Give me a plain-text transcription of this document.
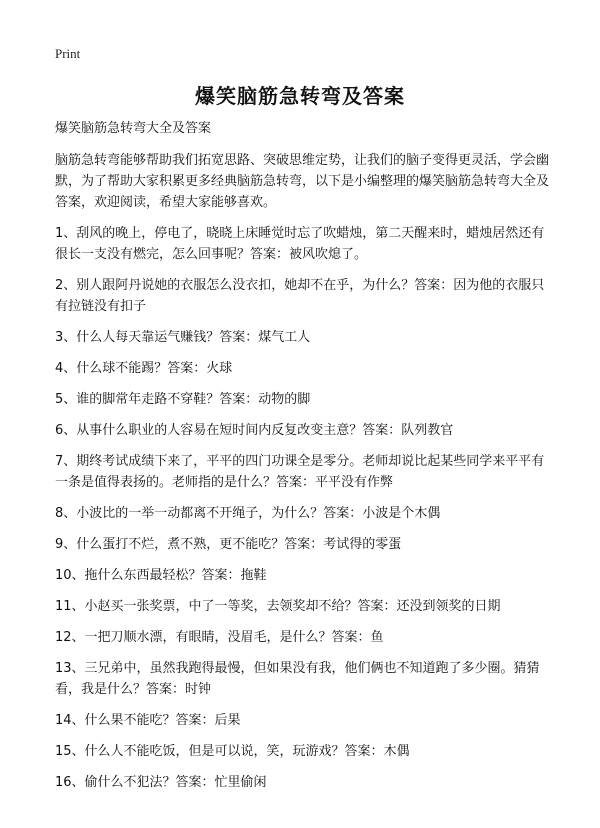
Print
爆笑脑筋急转弯及答案

爆笑脑筋急转弯大全及答案

脑筋急转弯能够帮助我们拓宽思路、突破思维定势，让我们的脑子变得更灵活，学会幽默，为了帮助大家积累更多经典脑筋急转弯，以下是小编整理的爆笑脑筋急转弯大全及答案，欢迎阅读，希望大家能够喜欢。

1、刮风的晚上，停电了，晓晓上床睡觉时忘了吹蜡烛，第二天醒来时，蜡烛居然还有很长一支没有燃完，怎么回事呢？答案：被风吹熄了。
2、别人跟阿丹说她的衣服怎么没衣扣，她却不在乎，为什么？答案：因为他的衣服只有拉链没有扣子
3、什么人每天靠运气赚钱？答案：煤气工人
4、什么球不能踢？答案：火球
5、谁的脚常年走路不穿鞋？答案：动物的脚
6、从事什么职业的人容易在短时间内反复改变主意？答案：队列教官
7、期终考试成绩下来了，平平的四门功课全是零分。老师却说比起某些同学来平平有一条是值得表扬的。老师指的是什么？答案：平平没有作弊
8、小波比的一举一动都离不开绳子，为什么？答案：小波是个木偶
9、什么蛋打不烂，煮不熟，更不能吃？答案：考试得的零蛋
10、拖什么东西最轻松？答案：拖鞋
11、小赵买一张奖票，中了一等奖，去领奖却不给？答案：还没到领奖的日期
12、一把刀顺水漂，有眼睛，没眉毛，是什么？答案：鱼
13、三兄弟中，虽然我跑得最慢，但如果没有我，他们俩也不知道跑了多少圈。猜猜看，我是什么？答案：时钟
14、什么果不能吃？答案：后果
15、什么人不能吃饭，但是可以说，笑，玩游戏？答案：木偶
16、偷什么不犯法？答案：忙里偷闲
